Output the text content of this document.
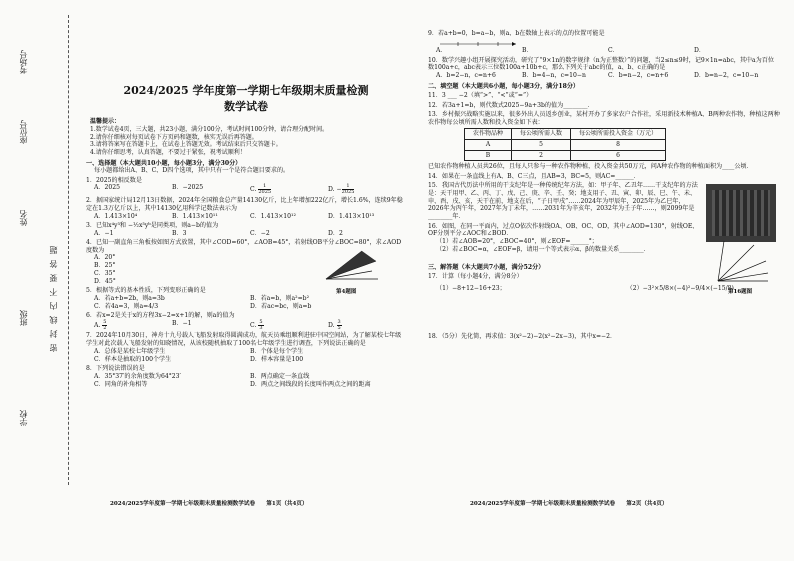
学校
班级
姓名
座位号
考场号
密封线内不要答题
2024/2025 学年度第一学期七年级期末质量检测
数学试卷
温馨提示：
1.数学试卷4页，三大题，共23小题，满分100分，考试时间100分钟，请合理分配时间。
2.请你仔细核对每页试卷下方页码和题数，核实无误后再答题。
3.请将答案写在答题卡上，在试卷上答题无效。考试结束后只交答题卡。
4.请你仔细思考，认真答题，不要过于紧张，祝考试顺利！
一、选择题（本大题共10小题，每小题3分，满分30分）
每小题都给出A、B、C、D四个选项，其中只有一个是符合题目要求的。
1．2025的相反数是
A．2025	B．−2025	C. $\frac{1}{2025}$	D. − $\frac{1}{2025}$
2．据国家统计局12月13日数据，2024年全国粮食总产量14130亿斤，比上年增加222亿斤，增长1.6%，连续9年稳定在1.3万亿斤以上，其中14130亿用科学记数法表示为
A．1.413×10⁴	B．1.413×10¹¹	C．1.413×10¹²	D．1.413×10¹³
3．已知x⁴y³和 −½x³yᵇ是同类项，则a−b的值为
A．−1	B．3	C．−2	D．2
4．已知一副直角三角板按如图方式放置，其中∠COD=60°，∠AOB=45°，若射线OB平分∠BOC=80°，求∠AOD度数为
A．20°
B．25°
C．35°
D．45°
第4题图
5．根据等式的基本性质，下列变形正确的是
A．若a+b=2b，则a=3b	B．若a=b，则a²=b²
C．若4a=3，则a=4/3	D．若ac=bc，则a=b
6．若x=2是关于x的方程3x−2=x+1的解，则a的值为
A. $\frac{5}{2}$	B．−1	C. $\frac{5}{3}$	D. $\frac{3}{5}$
7．2024年10月30日，神舟十九号载人飞船发射取得圆满成功，航天员乘组顺利进驻中国空间站，为了解某校七年级学生对此次载人飞船发射的知晓情况，从该校随机抽取了100名七年级学生进行调查，下列说法正确的是
A．总体是某校七年级学生	B．个体是每个学生
C．样本是抽取的100个学生	D．样本容量是100
8．下列说法错误的是
A．35°37′的余角度数为64°23′	B．两点确定一条直线
C．同角的补角相等	D．两点之间线段的长度叫作两点之间的距离
9．若a+b=0，b=a−b，则a、b在数轴上表示的点的位置可能是
A．	B．	C．	D．
10．数学兴趣小组开展探究活动，研究了“9×1n的数字规律（n为正整数）”的问题，当2≤n≤9时，记9×1n=abc，其中a为百位数100a+c，abc表示三位数100a+10b+c，那么下列关于abc的值，a、b、c正确的是
A．b=2−n，c=n+6	B．b=4−n，c=10−n	C．b=n−2，c=n+6	D．b=n−2，c=10−n
二、填空题（本大题共6小题，每小题3分，满分18分）
11．3 ___ −2（填“>”、“<”或“=”）
12．若3a+1=b，则代数式2025−9a+3b的值为________．
13．乡村振兴战略实施以来，很多外出人员返乡创业，某村开办了多家农户合作社，采用新技术种植A、B两种农作物，种植这两种农作物每公顷所需人数和投入资金如下表：
农作物品种	每公顷所需人数	每公顷所需投入资金（万元）
A	5	8
B	2	6
已知农作物种植人员共26位，且每人只参与一种农作物种植，投入资金共50万元，问A种农作物的种植面积为____公顷．
14．如果在一条直线上有A、B、C三点，且AB=3，BC=5，则AC=______．
15．我国古代历法中所用的干支纪年是一种传统纪年方法，如：甲子年、乙丑年……干支纪年的方法是：天干用甲、乙、丙、丁、戊、己、庚、辛、壬、癸；地支用子、丑、寅、卯、辰、巳、午、未、申、酉、戌、亥，天干在前，地支在后，“子日甲戌”……2024年为甲辰年，2025年为乙巳年，2026年为丙午年，2027年为丁未年，……2031年为辛亥年，2032年为壬子年……，则2099年是________年．
16．如图，在同一平面内，过点O依次作射线OA、OB、OC、OD，其中∠AOD=130°，射线OE、OF分别平分∠AOC和∠BOD．
（1）若∠AOB=20°，∠BOC=40°，则∠EOF=______°；
（2）若∠BOC=α，∠EOF=β，请用一个等式表示α、β的数量关系________．
第16题图
三、解答题（本大题共7小题，满分52分）
17．计算（每小题4分，满分8分）
（1）−8+12−16+23；	（2）−3²×5/8×(−4)²−9/4×(−15/8)．
18．（5分）先化简，再求值：3(x²−2)−2(x²−2x−3)，其中x=−2．
2024/2025学年度第一学期七年级期末质量检测数学试卷　　第1页（共4页）	2024/2025学年度第一学期七年级期末质量检测数学试卷　　第2页（共4页）
